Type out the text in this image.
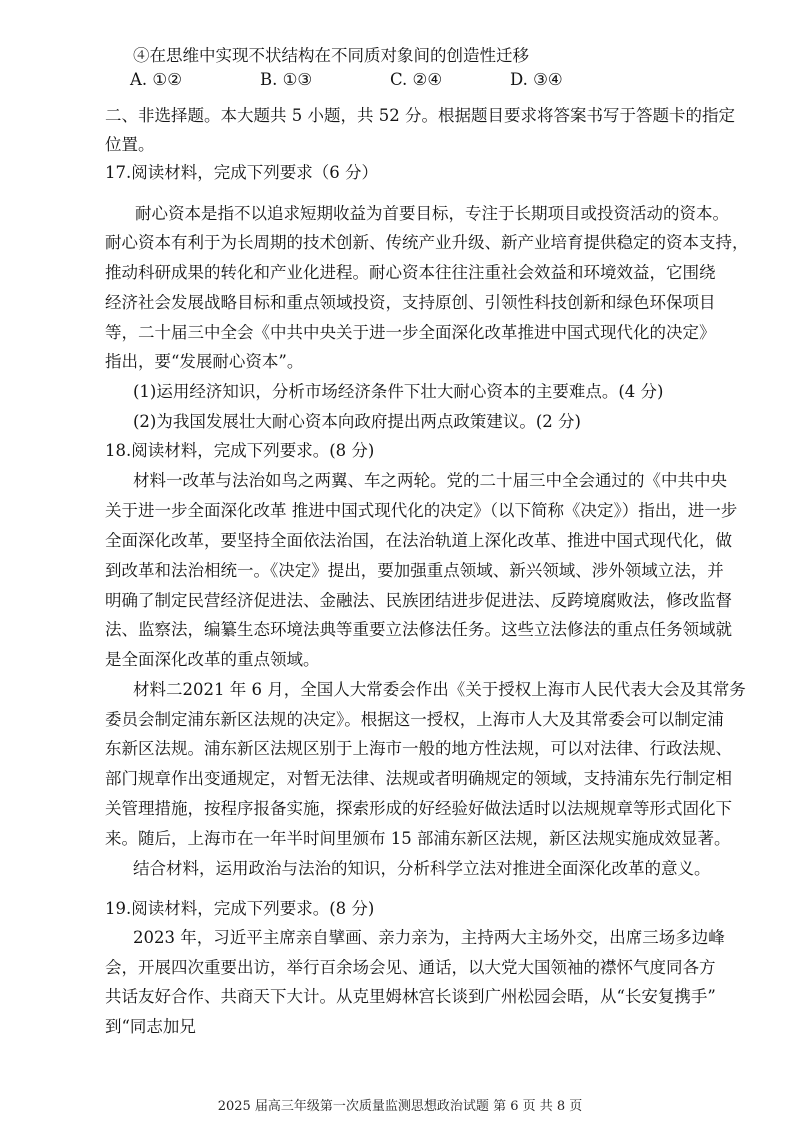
④在思维中实现不状结构在不同质对象间的创造性迁移
A. ①②	B. ①③	C. ②④	D. ③④
二、非选择题。本大题共 5 小题，共 52 分。根据题目要求将答案书写于答题卡的指定
位置。
17.阅读材料，完成下列要求（6 分）
耐心资本是指不以追求短期收益为首要目标，专注于长期项目或投资活动的资本。
耐心资本有利于为长周期的技术创新、传统产业升级、新产业培育提供稳定的资本支持，
推动科研成果的转化和产业化进程。耐心资本往往注重社会效益和环境效益，它围绕
经济社会发展战略目标和重点领域投资，支持原创、引领性科技创新和绿色环保项目
等，二十届三中全会《中共中央关于进一步全面深化改革推进中国式现代化的决定》
指出，要“发展耐心资本”。
(1)运用经济知识，分析市场经济条件下壮大耐心资本的主要难点。(4 分)
(2)为我国发展壮大耐心资本向政府提出两点政策建议。(2 分)
18.阅读材料，完成下列要求。(8 分)
材料一改革与法治如鸟之两翼、车之两轮。党的二十届三中全会通过的《中共中央
关于进一步全面深化改革 推进中国式现代化的决定》（以下简称《决定》）指出，进一步
全面深化改革，要坚持全面依法治国，在法治轨道上深化改革、推进中国式现代化，做
到改革和法治相统一。《决定》提出，要加强重点领域、新兴领域、涉外领域立法，并
明确了制定民营经济促进法、金融法、民族团结进步促进法、反跨境腐败法，修改监督
法、监察法，编纂生态环境法典等重要立法修法任务。这些立法修法的重点任务领域就
是全面深化改革的重点领域。
材料二2021 年 6 月，全国人大常委会作出《关于授权上海市人民代表大会及其常务
委员会制定浦东新区法规的决定》。根据这一授权，上海市人大及其常委会可以制定浦
东新区法规。浦东新区法规区别于上海市一般的地方性法规，可以对法律、行政法规、
部门规章作出变通规定，对暂无法律、法规或者明确规定的领域，支持浦东先行制定相
关管理措施，按程序报备实施，探索形成的好经验好做法适时以法规规章等形式固化下
来。随后，上海市在一年半时间里颁布 15 部浦东新区法规，新区法规实施成效显著。
结合材料，运用政治与法治的知识，分析科学立法对推进全面深化改革的意义。
19.阅读材料，完成下列要求。(8 分)
2023 年，习近平主席亲自擘画、亲力亲为，主持两大主场外交，出席三场多边峰
会，开展四次重要出访，举行百余场会见、通话，以大党大国领袖的襟怀气度同各方
共话友好合作、共商天下大计。从克里姆林宫长谈到广州松园会晤，从“长安复携手”
到“同志加兄
2025 届高三年级第一次质量监测思想政治试题 第 6 页 共 8 页
